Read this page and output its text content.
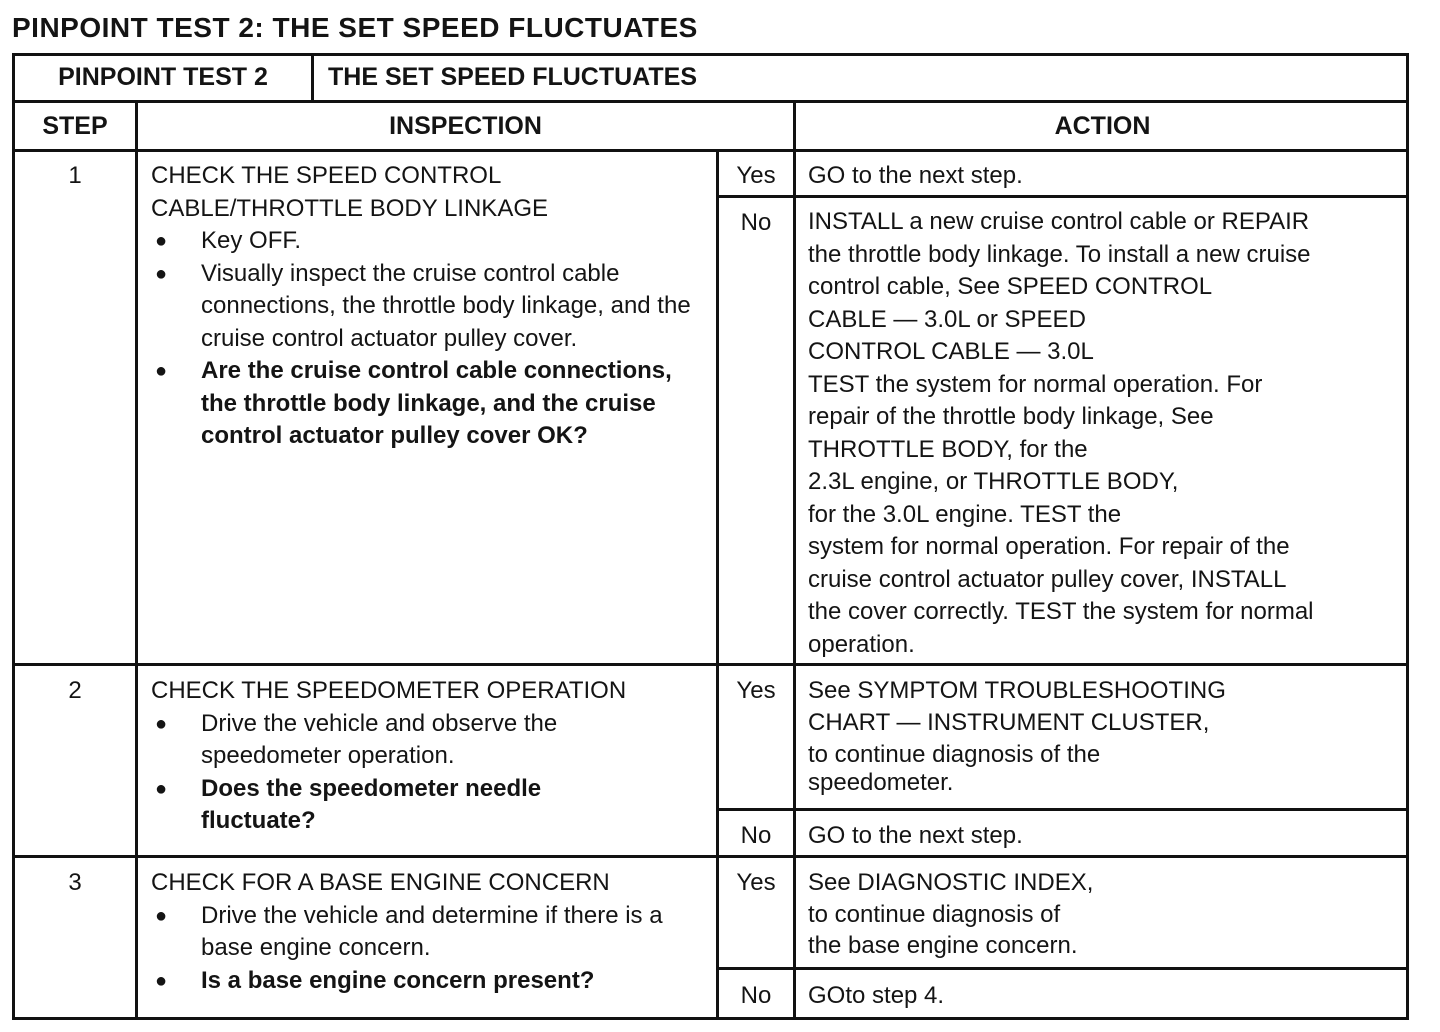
PINPOINT TEST 2: THE SET SPEED FLUCTUATES
PINPOINT TEST 2	THE SET SPEED FLUCTUATES
STEP	INSPECTION	ACTION
1	CHECK THE SPEED CONTROL
CABLE/THROTTLE BODY LINKAGE
● Key OFF.
● Visually inspect the cruise control cable connections, the throttle body linkage, and the cruise control actuator pulley cover.
● Are the cruise control cable connections, the throttle body linkage, and the cruise control actuator pulley cover OK?
Yes	GO to the next step.
No	INSTALL a new cruise control cable or REPAIR
the throttle body linkage. To install a new cruise
control cable, See SPEED CONTROL
CABLE — 3.0L or SPEED
CONTROL CABLE — 3.0L
TEST the system for normal operation. For
repair of the throttle body linkage, See
THROTTLE BODY, for the
2.3L engine, or THROTTLE BODY,
for the 3.0L engine. TEST the
system for normal operation. For repair of the
cruise control actuator pulley cover, INSTALL
the cover correctly. TEST the system for normal
operation.
2	CHECK THE SPEEDOMETER OPERATION
● Drive the vehicle and observe the speedometer operation.
● Does the speedometer needle fluctuate?
Yes	See SYMPTOM TROUBLESHOOTING
CHART — INSTRUMENT CLUSTER,
to continue diagnosis of the
speedometer.
No	GO to the next step.
3	CHECK FOR A BASE ENGINE CONCERN
● Drive the vehicle and determine if there is a base engine concern.
● Is a base engine concern present?
Yes	See DIAGNOSTIC INDEX,
to continue diagnosis of
the base engine concern.
No	GOto step 4.
